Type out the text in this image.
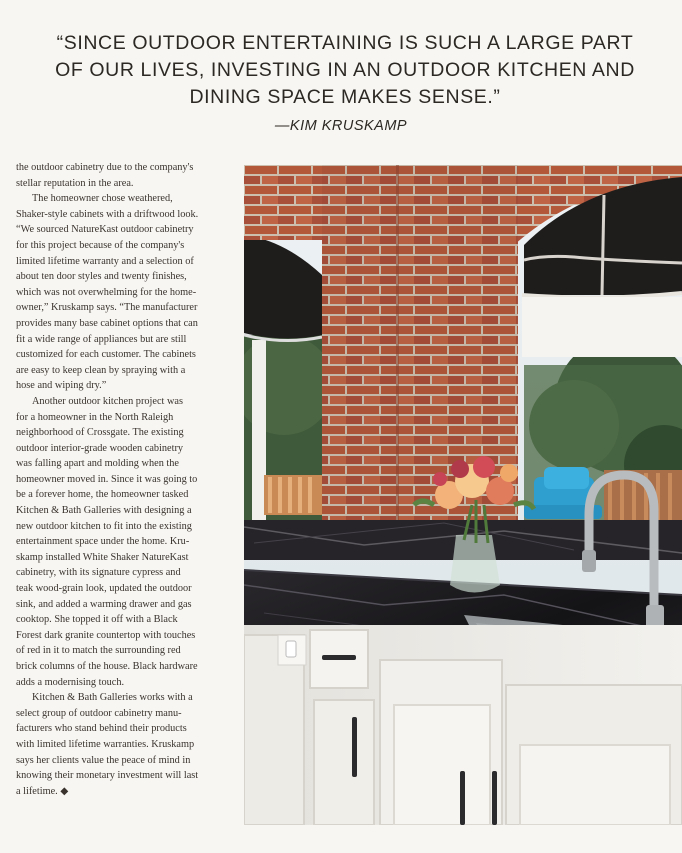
“SINCE OUTDOOR ENTERTAINING IS SUCH A LARGE PART
OF OUR LIVES, INVESTING IN AN OUTDOOR KITCHEN AND
DINING SPACE MAKES SENSE.”
—KIM KRUSKAMP
the outdoor cabinetry due to the company's
stellar reputation in the area.
The homeowner chose weathered,
Shaker-style cabinets with a driftwood look.
“We sourced NatureKast outdoor cabinetry
for this project because of the company's
limited lifetime warranty and a selection of
about ten door styles and twenty finishes,
which was not overwhelming for the home-
owner,” Kruskamp says. “The manufacturer
provides many base cabinet options that can
fit a wide range of appliances but are still
customized for each customer. The cabinets
are easy to keep clean by spraying with a
hose and wiping dry.”
Another outdoor kitchen project was
for a homeowner in the North Raleigh
neighborhood of Crossgate. The existing
outdoor interior-grade wooden cabinetry
was falling apart and molding when the
homeowner moved in. Since it was going to
be a forever home, the homeowner tasked
Kitchen & Bath Galleries with designing a
new outdoor kitchen to fit into the existing
entertainment space under the home. Kru-
skamp installed White Shaker NatureKast
cabinetry, with its signature cypress and
teak wood-grain look, updated the outdoor
sink, and added a warming drawer and gas
cooktop. She topped it off with a Black
Forest dark granite countertop with touches
of red in it to match the surrounding red
brick columns of the house. Black hardware
adds a modernising touch.
Kitchen & Bath Galleries works with a
select group of outdoor cabinetry manu-
facturers who stand behind their products
with limited lifetime warranties. Kruskamp
says her clients value the peace of mind in
knowing their monetary investment will last
a lifetime. ◆
